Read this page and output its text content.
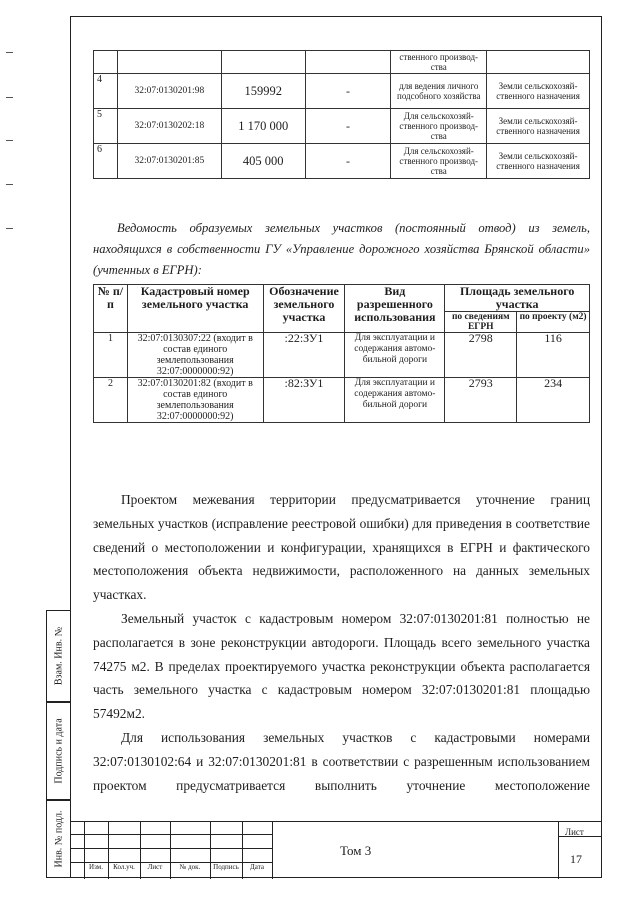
				ственного производ-ства	
4	32:07:0130201:98	159992	-	для ведения личного подсобного хозяйства	Земли сельскохозяй-ственного назначения
5	32:07:0130202:18	1 170 000	-	Для сельскохозяй-ственного производ-ства	Земли сельскохозяй-ственного назначения
6	32:07:0130201:85	405 000	-	Для сельскохозяй-ственного производ-ства	Земли сельскохозяй-ственного назначения

Ведомость образуемых земельных участков (постоянный отвод) из земель, находящихся в собственности ГУ «Управление дорожного хозяйства Брянской области» (учтенных в ЕГРН):

№ п/п	Кадастровый номер земельного участка	Обозначение земельного участка	Вид разрешенного использования	Площадь земельного участка	
				по сведениям ЕГРН	по проекту (м2)
1	32:07:0130307:22 (входит в состав единого землепользования 32:07:0000000:92)	:22:ЗУ1	Для эксплуатации и содержания автомо-бильной дороги	2798	116
2	32:07:0130201:82 (входит в состав единого землепользования 32:07:0000000:92)	:82:ЗУ1	Для эксплуатации и содержания автомо-бильной дороги	2793	234

Проектом межевания территории предусматривается уточнение границ земельных участков (исправление реестровой ошибки) для приведения в соответствие сведений о местоположении и конфигурации, хранящихся в ЕГРН и фактического местоположения объекта недвижимости, расположенного на данных земельных участках.

Земельный участок с кадастровым номером 32:07:0130201:81 полностью не располагается в зоне реконструкции автодороги. Площадь всего земельного участка 74275 м2. В пределах проектируемого участка реконструкции объекта располагается часть земельного участка с кадастровым номером 32:07:0130201:81 площадью 57492м2.

Для использования земельных участков с кадастровыми номерами 32:07:0130102:64 и 32:07:0130201:81 в соответствии с разрешенным использованием проектом предусматривается выполнить уточнение местоположение

Взам. Инв. №
Подпись и дата
Инв. № подл.	Изм.	Кол.уч.	Лист	№ док.	Подпись	Дата
Том 3
Лист
17
